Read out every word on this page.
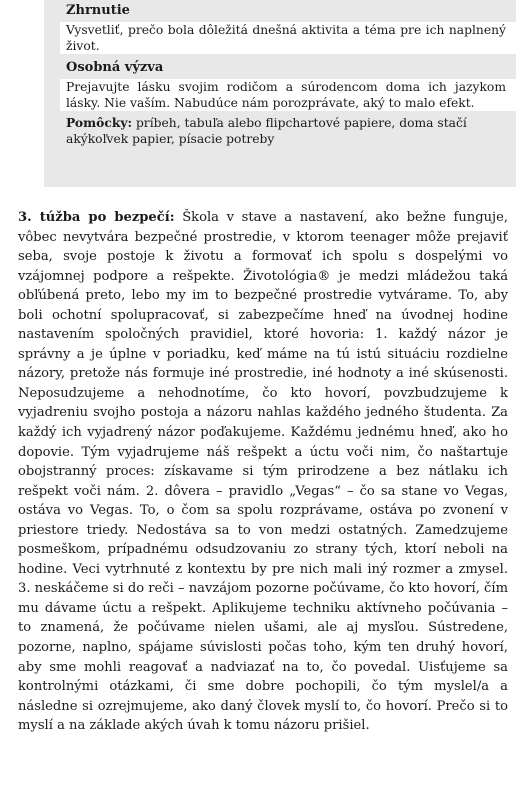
Zhrnutie
Vysvetliť, prečo bola dôležitá dnešná aktivita a téma pre ich naplnený život.
Osobná výzva
Prejavujte lásku svojim rodičom a súrodencom doma ich jazykom lásky. Nie vaším. Nabudúce nám porozprávate, aký to malo efekt.
Pomôcky: príbeh, tabuľa alebo flipchartové papiere, doma stačí akýkoľvek papier, písacie potreby
3. túžba po bezpečí: Škola v stave a nastavení, ako bežne funguje, vôbec nevytvára bezpečné prostredie, v ktorom teenager môže prejaviť seba, svoje postoje k životu a formovať ich spolu s dospelými vo vzájomnej podpore a rešpekte. Životológia® je medzi mládežou taká obľúbená preto, lebo my im to bezpečné prostredie vytvárame. To, aby boli ochotní spolupracovať, si zabezpečíme hneď na úvodnej hodine nastavením spoločných pravidiel, ktoré hovoria: 1. každý názor je správny a je úplne v poriadku, keď máme na tú istú situáciu rozdielne názory, pretože nás formuje iné prostredie, iné hodnoty a iné skúsenosti. Neposudzujeme a nehodnotíme, čo kto hovorí, povzbudzujeme k vyjadreniu svojho postoja a názoru nahlas každého jedného študenta. Za každý ich vyjadrený názor poďakujeme. Každému jednému hneď, ako ho dopovie. Tým vyjadrujeme náš rešpekt a úctu voči nim, čo naštartuje obojstranný proces: získavame si tým prirodzene a bez nátlaku ich rešpekt voči nám. 2. dôvera – pravidlo „Vegas“ – čo sa stane vo Vegas, ostáva vo Vegas. To, o čom sa spolu rozprávame, ostáva po zvonení v priestore triedy. Nedostáva sa to von medzi ostatných. Zamedzujeme posmeškom, prípadnému odsudzovaniu zo strany tých, ktorí neboli na hodine. Veci vytrhnuté z kontextu by pre nich mali iný rozmer a zmysel. 3. neskáčeme si do reči – navzájom pozorne počúvame, čo kto hovorí, čím mu dávame úctu a rešpekt. Aplikujeme techniku aktívneho počúvania – to znamená, že počúvame nielen ušami, ale aj mysľou. Sústredene, pozorne, naplno, spájame súvislosti počas toho, kým ten druhý hovorí, aby sme mohli reagovať a nadviazať na to, čo povedal. Uisťujeme sa kontrolnými otázkami, či sme dobre pochopili, čo tým myslel/a a následne si ozrejmujeme, ako daný človek myslí to, čo hovorí. Prečo si to myslí a na základe akých úvah k tomu názoru prišiel.
